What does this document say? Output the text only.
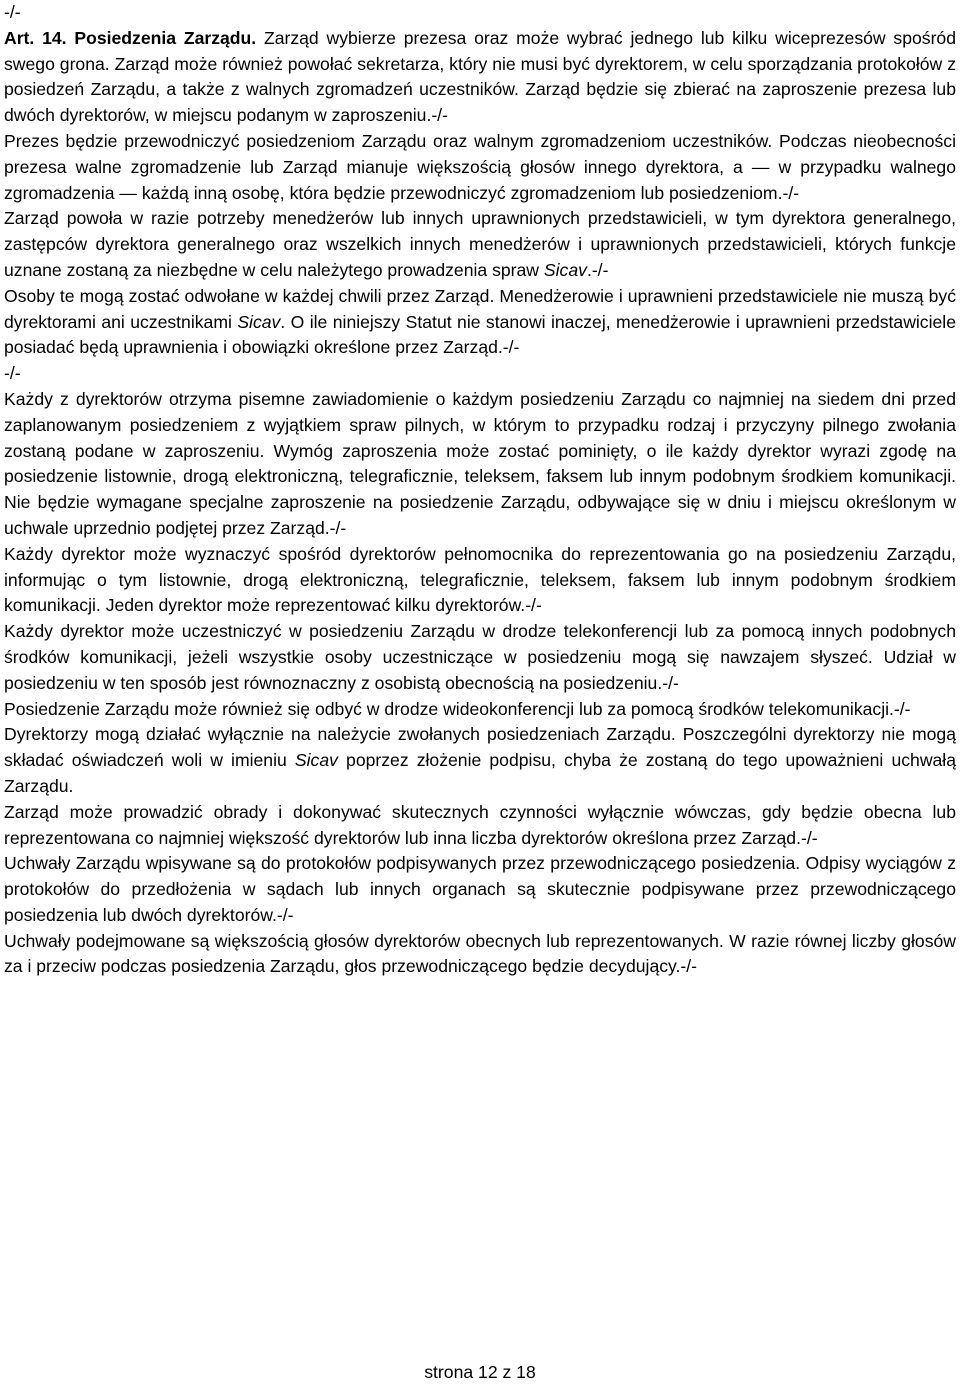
-/-

Art. 14. Posiedzenia Zarządu. Zarząd wybierze prezesa oraz może wybrać jednego lub kilku wiceprezesów spośród swego grona. Zarząd może również powołać sekretarza, który nie musi być dyrektorem, w celu sporządzania protokołów z posiedzeń Zarządu, a także z walnych zgromadzeń uczestników. Zarząd będzie się zbierać na zaproszenie prezesa lub dwóch dyrektorów, w miejscu podanym w zaproszeniu.-/-

Prezes będzie przewodniczyć posiedzeniom Zarządu oraz walnym zgromadzeniom uczestników. Podczas nieobecności prezesa walne zgromadzenie lub Zarząd mianuje większością głosów innego dyrektora, a — w przypadku walnego zgromadzenia — każdą inną osobę, która będzie przewodniczyć zgromadzeniom lub posiedzeniom.-/-

Zarząd powoła w razie potrzeby menedżerów lub innych uprawnionych przedstawicieli, w tym dyrektora generalnego, zastępców dyrektora generalnego oraz wszelkich innych menedżerów i uprawnionych przedstawicieli, których funkcje uznane zostaną za niezbędne w celu należytego prowadzenia spraw Sicav.-/-

Osoby te mogą zostać odwołane w każdej chwili przez Zarząd. Menedżerowie i uprawnieni przedstawiciele nie muszą być dyrektorami ani uczestnikami Sicav. O ile niniejszy Statut nie stanowi inaczej, menedżerowie i uprawnieni przedstawiciele posiadać będą uprawnienia i obowiązki określone przez Zarząd.-/-

-/-

Każdy z dyrektorów otrzyma pisemne zawiadomienie o każdym posiedzeniu Zarządu co najmniej na siedem dni przed zaplanowanym posiedzeniem z wyjątkiem spraw pilnych, w którym to przypadku rodzaj i przyczyny pilnego zwołania zostaną podane w zaproszeniu. Wymóg zaproszenia może zostać pominięty, o ile każdy dyrektor wyrazi zgodę na posiedzenie listownie, drogą elektroniczną, telegraficznie, teleksem, faksem lub innym podobnym środkiem komunikacji. Nie będzie wymagane specjalne zaproszenie na posiedzenie Zarządu, odbywające się w dniu i miejscu określonym w uchwale uprzednio podjętej przez Zarząd.-/-

Każdy dyrektor może wyznaczyć spośród dyrektorów pełnomocnika do reprezentowania go na posiedzeniu Zarządu, informując o tym listownie, drogą elektroniczną, telegraficznie, teleksem, faksem lub innym podobnym środkiem komunikacji. Jeden dyrektor może reprezentować kilku dyrektorów.-/-

Każdy dyrektor może uczestniczyć w posiedzeniu Zarządu w drodze telekonferencji lub za pomocą innych podobnych środków komunikacji, jeżeli wszystkie osoby uczestniczące w posiedzeniu mogą się nawzajem słyszeć. Udział w posiedzeniu w ten sposób jest równoznaczny z osobistą obecnością na posiedzeniu.-/-

Posiedzenie Zarządu może również się odbyć w drodze wideokonferencji lub za pomocą środków telekomunikacji.-/-

Dyrektorzy mogą działać wyłącznie na należycie zwołanych posiedzeniach Zarządu. Poszczególni dyrektorzy nie mogą składać oświadczeń woli w imieniu Sicav poprzez złożenie podpisu, chyba że zostaną do tego upoważnieni uchwałą Zarządu.

Zarząd może prowadzić obrady i dokonywać skutecznych czynności wyłącznie wówczas, gdy będzie obecna lub reprezentowana co najmniej większość dyrektorów lub inna liczba dyrektorów określona przez Zarząd.-/-

Uchwały Zarządu wpisywane są do protokołów podpisywanych przez przewodniczącego posiedzenia. Odpisy wyciągów z protokołów do przedłożenia w sądach lub innych organach są skutecznie podpisywane przez przewodniczącego posiedzenia lub dwóch dyrektorów.-/-

Uchwały podejmowane są większością głosów dyrektorów obecnych lub reprezentowanych. W razie równej liczby głosów za i przeciw podczas posiedzenia Zarządu, głos przewodniczącego będzie decydujący.-/-

strona 12 z 18
